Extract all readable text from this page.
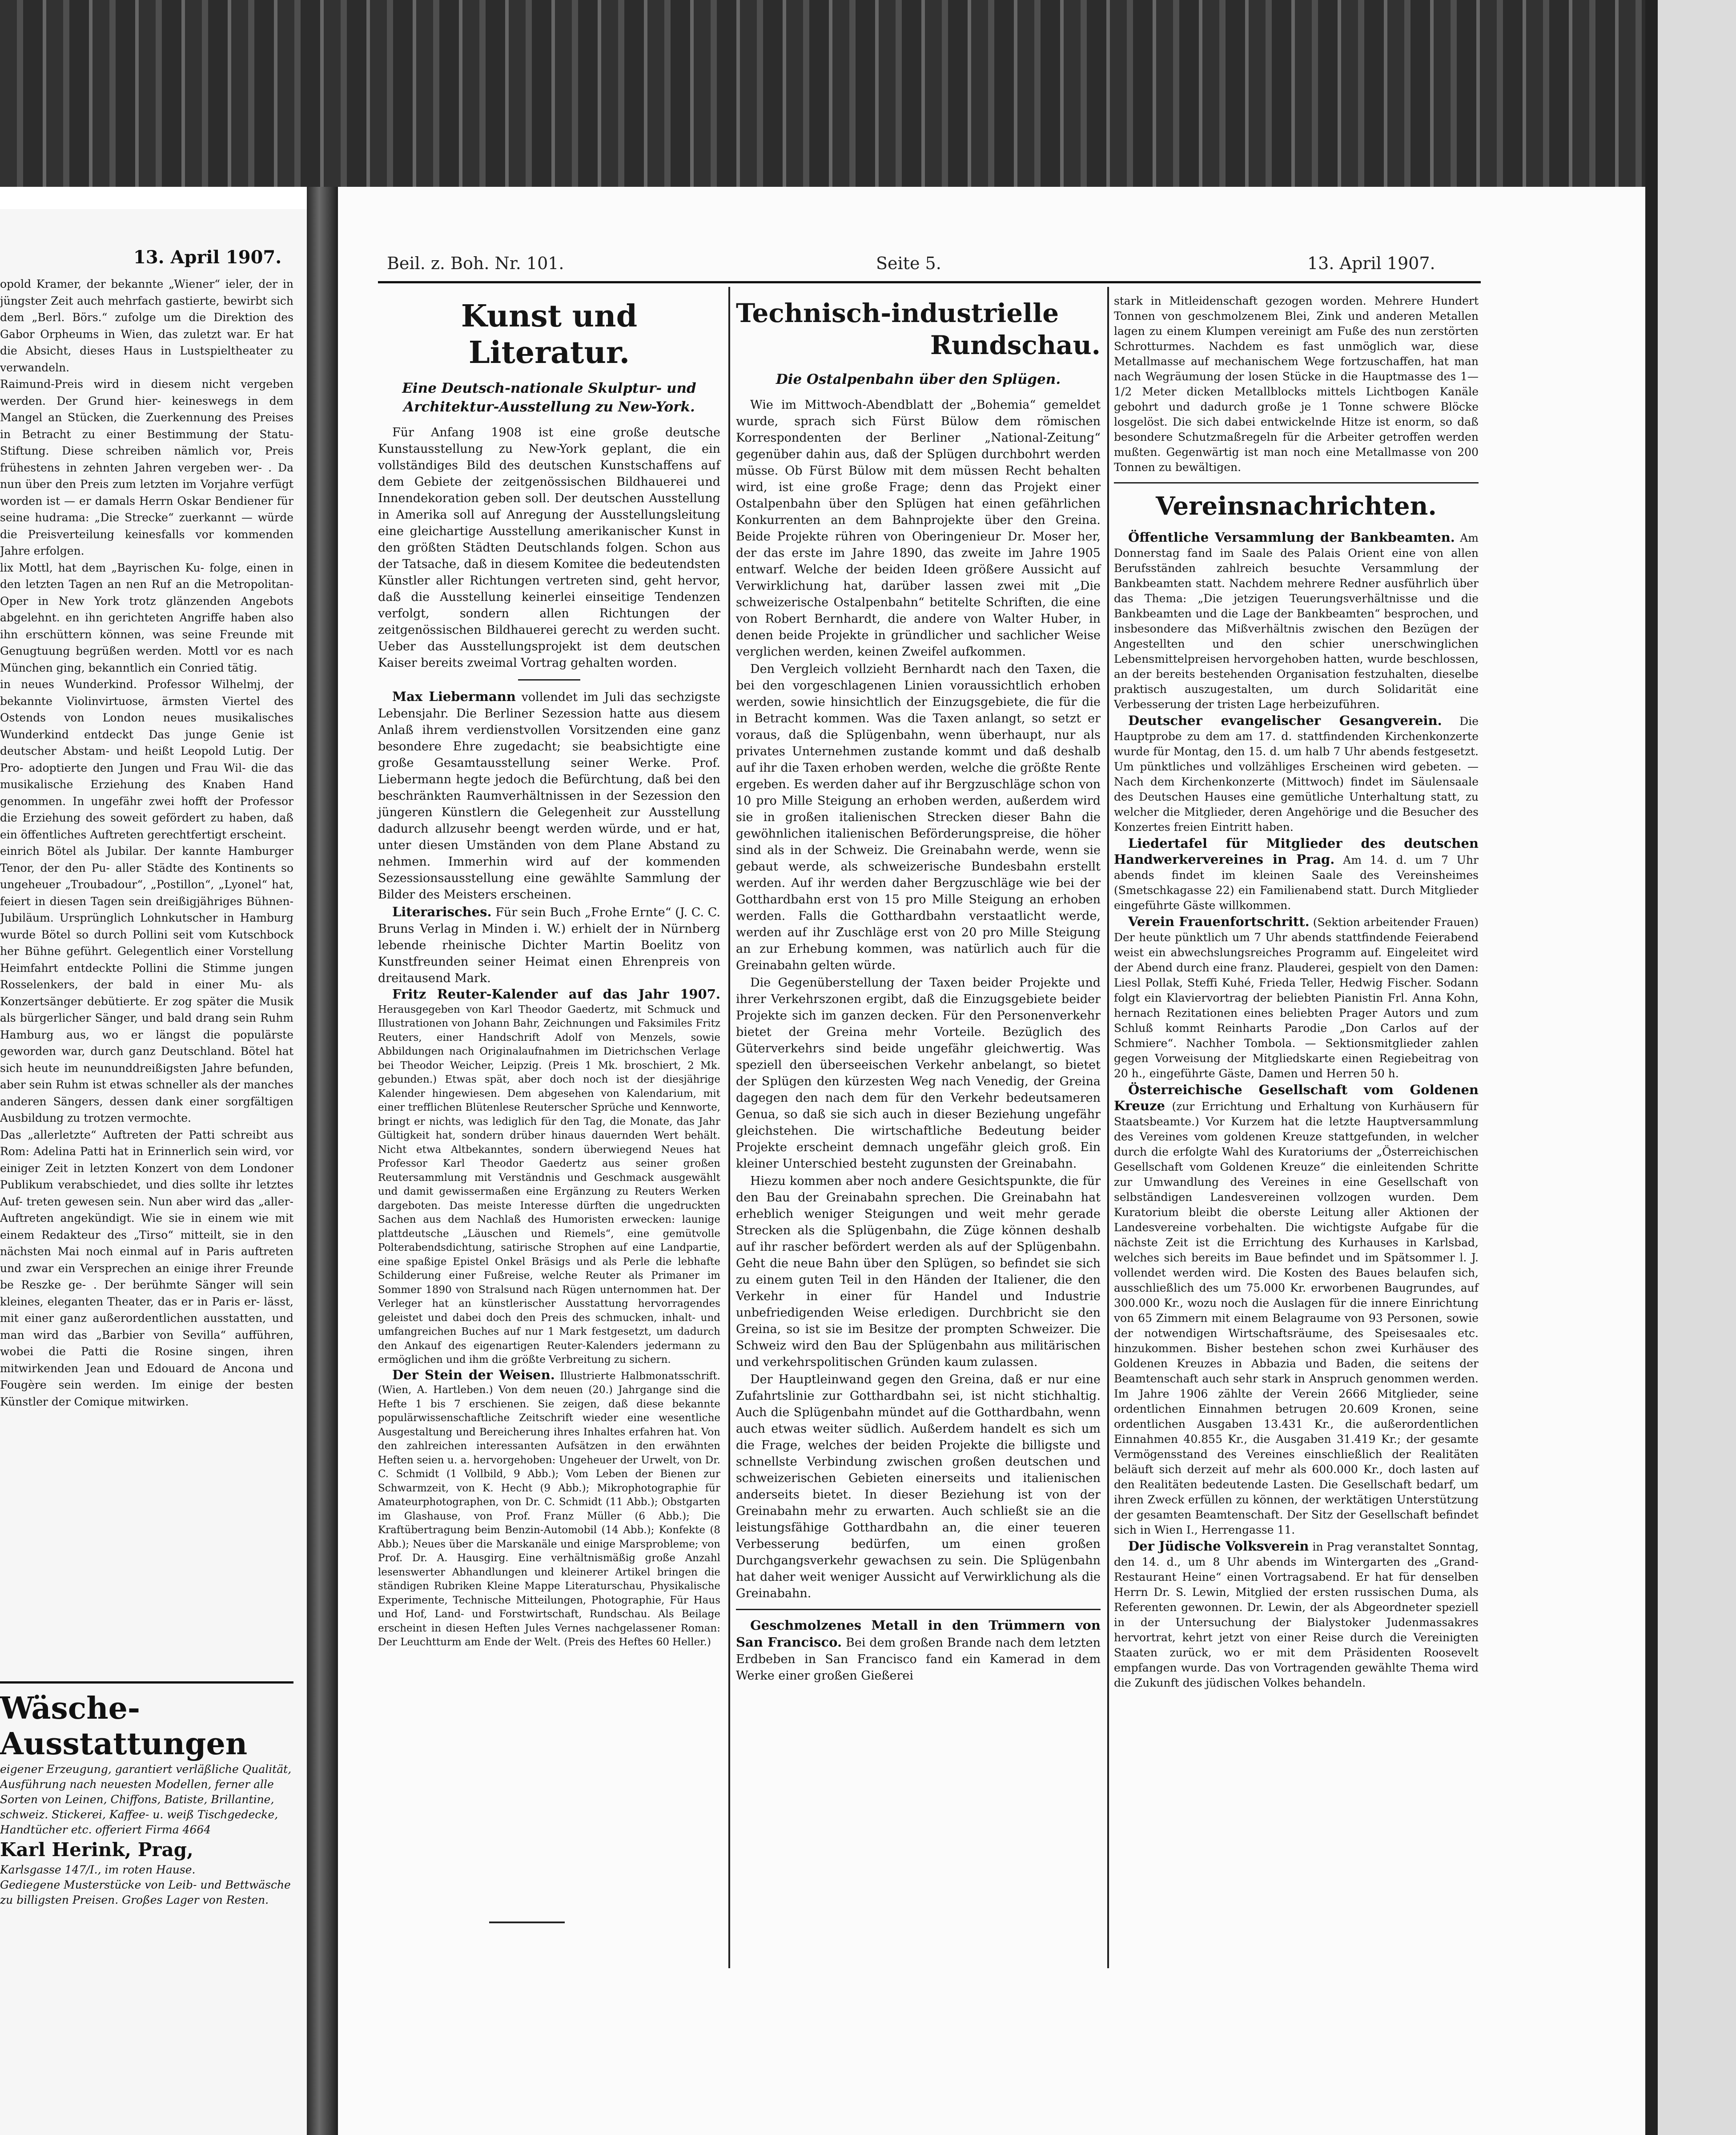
13. April 1907.

opold Kramer, der bekannte „Wiener“ ieler, der in jüngster Zeit auch mehrfach gastierte, bewirbt sich dem „Berl. Börs.“ zufolge um die Direktion des Gabor Orpheums in Wien, das zuletzt war. Er hat die Absicht, dieses Haus in Lustspieltheater zu verwandeln.

Raimund-Preis wird in diesem nicht vergeben werden. Der Grund hier- keineswegs in dem Mangel an Stücken, die Zuerkennung des Preises in Betracht zu einer Bestimmung der Statu- Stiftung. Diese schreiben nämlich vor, Preis frühestens in zehnten Jahren vergeben wer- . Da nun über den Preis zum letzten im Vorjahre verfügt worden ist — er damals Herrn Oskar Bendiener für seine hudrama: „Die Strecke“ zuerkannt — würde die Preisverteilung keinesfalls vor kommenden Jahre erfolgen.

lix Mottl, hat dem „Bayrischen Ku- folge, einen in den letzten Tagen an nen Ruf an die Metropolitan-Oper in New York trotz glänzenden Angebots abgelehnt. en ihn gerichteten Angriffe haben also ihn erschüttern können, was seine Freunde mit Genugtuung begrüßen werden. Mottl vor es nach München ging, bekanntlich ein Conried tätig.

in neues Wunderkind. Professor Wilhelmj, der bekannte Violinvirtuose, ärmsten Viertel des Ostends von London neues musikalisches Wunderkind entdeckt Das junge Genie ist deutscher Abstam- und heißt Leopold Lutig. Der Pro- adoptierte den Jungen und Frau Wil- die das musikalische Erziehung des Knaben Hand genommen. In ungefähr zwei hofft der Professor die Erziehung des soweit gefördert zu haben, daß ein öffentliches Auftreten gerechtfertigt erscheint.

einrich Bötel als Jubilar. Der kannte Hamburger Tenor, der den Pu- aller Städte des Kontinents so ungeheuer „Troubadour“, „Postillon“, „Lyonel“ hat, feiert in diesen Tagen sein dreißigjähriges Bühnen-Jubiläum. Ursprünglich Lohnkutscher in Hamburg wurde Bötel so durch Pollini seit vom Kutschbock her Bühne geführt. Gelegentlich einer Vorstellung Heimfahrt entdeckte Pollini die Stimme jungen Rosselenkers, der bald in einer Mu- als Konzertsänger debütierte. Er zog später die Musik als bürgerlicher Sänger, und bald drang sein Ruhm Hamburg aus, wo er längst die populärste geworden war, durch ganz Deutschland. Bötel hat sich heute im neununddreißigsten Jahre befunden, aber sein Ruhm ist etwas schneller als der manches anderen Sängers, dessen dank einer sorgfältigen Ausbildung zu trotzen vermochte.

Das „allerletzte“ Auftreten der Patti schreibt aus Rom: Adelina Patti hat in Erinnerlich sein wird, vor einiger Zeit in letzten Konzert von dem Londoner Publikum verabschiedet, und dies sollte ihr letztes Auf- treten gewesen sein. Nun aber wird das „aller- Auftreten angekündigt. Wie sie in einem wie mit einem Redakteur des „Tirso“ mitteilt, sie in den nächsten Mai noch einmal auf in Paris auftreten und zwar ein Versprechen an einige ihrer Freunde be Reszke ge- . Der berühmte Sänger will sein kleines, eleganten Theater, das er in Paris er- lässt, mit einer ganz außerordentlichen ausstatten, und man wird das „Barbier von Sevilla“ aufführen, wobei die Patti die Rosine singen, ihren mitwirkenden Jean und Edouard de Ancona und Fougère sein werden. Im einige der besten Künstler der Comique mitwirken.

Wäsche-Ausstattungen
eigener Erzeugung, garantiert verläßliche Qualität, Ausführung nach neuesten Modellen, ferner alle Sorten von Leinen, Chiffons, Batiste, Brillantine, schweiz. Stickerei, Kaffee- u. weiß Tischgedecke, Handtücher etc. offeriert Firma 4664
Karl Herink, Prag,
Karlsgasse 147/I., im roten Hause.
Gediegene Musterstücke von Leib- und Bettwäsche zu billigsten Preisen. Großes Lager von Resten.
Beil. z. Boh. Nr. 101.	Seite 5.	13. April 1907.
Kunst und Literatur.
Eine Deutsch-nationale Skulptur- und Architektur-Ausstellung zu New-York.

Für Anfang 1908 ist eine große deutsche Kunstausstellung zu New-York geplant, die ein vollständiges Bild des deutschen Kunstschaffens auf dem Gebiete der zeitgenössischen Bildhauerei und Innendekoration geben soll. Der deutschen Ausstellung in Amerika soll auf Anregung der Ausstellungsleitung eine gleichartige Ausstellung amerikanischer Kunst in den größten Städten Deutschlands folgen. Schon aus der Tatsache, daß in diesem Komitee die bedeutendsten Künstler aller Richtungen vertreten sind, geht hervor, daß die Ausstellung keinerlei einseitige Tendenzen verfolgt, sondern allen Richtungen der zeitgenössischen Bildhauerei gerecht zu werden sucht. Ueber das Ausstellungsprojekt ist dem deutschen Kaiser bereits zweimal Vortrag gehalten worden.

Max Liebermann vollendet im Juli das sechzigste Lebensjahr. Die Berliner Sezession hatte aus diesem Anlaß ihrem verdienstvollen Vorsitzenden eine ganz besondere Ehre zugedacht; sie beabsichtigte eine große Gesamtausstellung seiner Werke. Prof. Liebermann hegte jedoch die Befürchtung, daß bei den beschränkten Raumverhältnissen in der Sezession den jüngeren Künstlern die Gelegenheit zur Ausstellung dadurch allzusehr beengt werden würde, und er hat, unter diesen Umständen von dem Plane Abstand zu nehmen. Immerhin wird auf der kommenden Sezessionsausstellung eine gewählte Sammlung der Bilder des Meisters erscheinen.

Literarisches. Für sein Buch „Frohe Ernte“ (J. C. C. Bruns Verlag in Minden i. W.) erhielt der in Nürnberg lebende rheinische Dichter Martin Boelitz von Kunstfreunden seiner Heimat einen Ehrenpreis von dreitausend Mark.

Fritz Reuter-Kalender auf das Jahr 1907. Herausgegeben von Karl Theodor Gaedertz, mit Schmuck und Illustrationen von Johann Bahr, Zeichnungen und Faksimiles Fritz Reuters, einer Handschrift Adolf von Menzels, sowie Abbildungen nach Originalaufnahmen im Dietrichschen Verlage bei Theodor Weicher, Leipzig. (Preis 1 Mk. broschiert, 2 Mk. gebunden.) Etwas spät, aber doch noch ist der diesjährige Kalender hingewiesen. Dem abgesehen von Kalendarium, mit einer trefflichen Blütenlese Reuterscher Sprüche und Kennworte, bringt er nichts, was lediglich für den Tag, die Monate, das Jahr Gültigkeit hat, sondern drüber hinaus dauernden Wert behält. Nicht etwa Altbekanntes, sondern überwiegend Neues hat Professor Karl Theodor Gaedertz aus seiner großen Reutersammlung mit Verständnis und Geschmack ausgewählt und damit gewissermaßen eine Ergänzung zu Reuters Werken dargeboten. Das meiste Interesse dürften die ungedruckten Sachen aus dem Nachlaß des Humoristen erwecken: launige plattdeutsche „Läuschen und Riemels“, eine gemütvolle Polterabendsdichtung, satirische Strophen auf eine Landpartie, eine spaßige Epistel Onkel Bräsigs und als Perle die lebhafte Schilderung einer Fußreise, welche Reuter als Primaner im Sommer 1890 von Stralsund nach Rügen unternommen hat. Der Verleger hat an künstlerischer Ausstattung hervorragendes geleistet und dabei doch den Preis des schmucken, inhalt- und umfangreichen Buches auf nur 1 Mark festgesetzt, um dadurch den Ankauf des eigenartigen Reuter-Kalenders jedermann zu ermöglichen und ihm die größte Verbreitung zu sichern.

Der Stein der Weisen. Illustrierte Halbmonatsschrift. (Wien, A. Hartleben.) Von dem neuen (20.) Jahrgange sind die Hefte 1 bis 7 erschienen. Sie zeigen, daß diese bekannte populärwissenschaftliche Zeitschrift wieder eine wesentliche Ausgestaltung und Bereicherung ihres Inhaltes erfahren hat. Von den zahlreichen interessanten Aufsätzen in den erwähnten Heften seien u. a. hervorgehoben: Ungeheuer der Urwelt, von Dr. C. Schmidt (1 Vollbild, 9 Abb.); Vom Leben der Bienen zur Schwarmzeit, von K. Hecht (9 Abb.); Mikrophotographie für Amateurphotographen, von Dr. C. Schmidt (11 Abb.); Obstgarten im Glashause, von Prof. Franz Müller (6 Abb.); Die Kraftübertragung beim Benzin-Automobil (14 Abb.); Konfekte (8 Abb.); Neues über die Marskanäle und einige Marsprobleme; von Prof. Dr. A. Hausgirg. Eine verhältnismäßig große Anzahl lesenswerter Abhandlungen und kleinerer Artikel bringen die ständigen Rubriken Kleine Mappe Literaturschau, Physikalische Experimente, Technische Mitteilungen, Photographie, Für Haus und Hof, Land- und Forstwirtschaft, Rundschau. Als Beilage erscheint in diesen Heften Jules Vernes nachgelassener Roman: Der Leuchtturm am Ende der Welt. (Preis des Heftes 60 Heller.)

Technisch-industrielle

Rundschau.
Die Ostalpenbahn über den Splügen.

Wie im Mittwoch-Abendblatt der „Bohemia“ gemeldet wurde, sprach sich Fürst Bülow dem römischen Korrespondenten der Berliner „National-Zeitung“ gegenüber dahin aus, daß der Splügen durchbohrt werden müsse. Ob Fürst Bülow mit dem müssen Recht behalten wird, ist eine große Frage; denn das Projekt einer Ostalpenbahn über den Splügen hat einen gefährlichen Konkurrenten an dem Bahnprojekte über den Greina. Beide Projekte rühren von Oberingenieur Dr. Moser her, der das erste im Jahre 1890, das zweite im Jahre 1905 entwarf. Welche der beiden Ideen größere Aussicht auf Verwirklichung hat, darüber lassen zwei mit „Die schweizerische Ostalpenbahn“ betitelte Schriften, die eine von Robert Bernhardt, die andere von Walter Huber, in denen beide Projekte in gründlicher und sachlicher Weise verglichen werden, keinen Zweifel aufkommen.

Den Vergleich vollzieht Bernhardt nach den Taxen, die bei den vorgeschlagenen Linien voraussichtlich erhoben werden, sowie hinsichtlich der Einzugsgebiete, die für die in Betracht kommen. Was die Taxen anlangt, so setzt er voraus, daß die Splügenbahn, wenn überhaupt, nur als privates Unternehmen zustande kommt und daß deshalb auf ihr die Taxen erhoben werden, welche die größte Rente ergeben. Es werden daher auf ihr Bergzuschläge schon von 10 pro Mille Steigung an erhoben werden, außerdem wird sie in großen italienischen Strecken dieser Bahn die gewöhnlichen italienischen Beförderungspreise, die höher sind als in der Schweiz. Die Greinabahn werde, wenn sie gebaut werde, als schweizerische Bundesbahn erstellt werden. Auf ihr werden daher Bergzuschläge wie bei der Gotthardbahn erst von 15 pro Mille Steigung an erhoben werden. Falls die Gotthardbahn verstaatlicht werde, werden auf ihr Zuschläge erst von 20 pro Mille Steigung an zur Erhebung kommen, was natürlich auch für die Greinabahn gelten würde.

Die Gegenüberstellung der Taxen beider Projekte und ihrer Verkehrszonen ergibt, daß die Einzugsgebiete beider Projekte sich im ganzen decken. Für den Personenverkehr bietet der Greina mehr Vorteile. Bezüglich des Güterverkehrs sind beide ungefähr gleichwertig. Was speziell den überseeischen Verkehr anbelangt, so bietet der Splügen den kürzesten Weg nach Venedig, der Greina dagegen den nach dem für den Verkehr bedeutsameren Genua, so daß sie sich auch in dieser Beziehung ungefähr gleichstehen. Die wirtschaftliche Bedeutung beider Projekte erscheint demnach ungefähr gleich groß. Ein kleiner Unterschied besteht zugunsten der Greinabahn.

Hiezu kommen aber noch andere Gesichtspunkte, die für den Bau der Greinabahn sprechen. Die Greinabahn hat erheblich weniger Steigungen und weit mehr gerade Strecken als die Splügenbahn, die Züge können deshalb auf ihr rascher befördert werden als auf der Splügenbahn. Geht die neue Bahn über den Splügen, so befindet sie sich zu einem guten Teil in den Händen der Italiener, die den Verkehr in einer für Handel und Industrie unbefriedigenden Weise erledigen. Durchbricht sie den Greina, so ist sie im Besitze der prompten Schweizer. Die Schweiz wird den Bau der Splügenbahn aus militärischen und verkehrspolitischen Gründen kaum zulassen.

Der Hauptleinwand gegen den Greina, daß er nur eine Zufahrtslinie zur Gotthardbahn sei, ist nicht stichhaltig. Auch die Splügenbahn mündet auf die Gotthardbahn, wenn auch etwas weiter südlich. Außerdem handelt es sich um die Frage, welches der beiden Projekte die billigste und schnellste Verbindung zwischen großen deutschen und schweizerischen Gebieten einerseits und italienischen anderseits bietet. In dieser Beziehung ist von der Greinabahn mehr zu erwarten. Auch schließt sie an die leistungsfähige Gotthardbahn an, die einer teueren Verbesserung bedürfen, um einen großen Durchgangsverkehr gewachsen zu sein. Die Splügenbahn hat daher weit weniger Aussicht auf Verwirklichung als die Greinabahn.

Geschmolzenes Metall in den Trümmern von San Francisco. Bei dem großen Brande nach dem letzten Erdbeben in San Francisco fand ein Kamerad in dem Werke einer großen Gießerei

stark in Mitleidenschaft gezogen worden. Mehrere Hundert Tonnen von geschmolzenem Blei, Zink und anderen Metallen lagen zu einem Klumpen vereinigt am Fuße des nun zerstörten Schrotturmes. Nachdem es fast unmöglich war, diese Metallmasse auf mechanischem Wege fortzuschaffen, hat man nach Wegräumung der losen Stücke in die Hauptmasse des 1—1/2 Meter dicken Metallblocks mittels Lichtbogen Kanäle gebohrt und dadurch große je 1 Tonne schwere Blöcke losgelöst. Die sich dabei entwickelnde Hitze ist enorm, so daß besondere Schutzmaßregeln für die Arbeiter getroffen werden mußten. Gegenwärtig ist man noch eine Metallmasse von 200 Tonnen zu bewältigen.

Vereinsnachrichten.

Öffentliche Versammlung der Bankbeamten. Am Donnerstag fand im Saale des Palais Orient eine von allen Berufsständen zahlreich besuchte Versammlung der Bankbeamten statt. Nachdem mehrere Redner ausführlich über das Thema: „Die jetzigen Teuerungsverhältnisse und die Bankbeamten und die Lage der Bankbeamten“ besprochen, und insbesondere das Mißverhältnis zwischen den Bezügen der Angestellten und den schier unerschwinglichen Lebensmittelpreisen hervorgehoben hatten, wurde beschlossen, an der bereits bestehenden Organisation festzuhalten, dieselbe praktisch auszugestalten, um durch Solidarität eine Verbesserung der tristen Lage herbeizuführen.

Deutscher evangelischer Gesangverein. Die Hauptprobe zu dem am 17. d. stattfindenden Kirchenkonzerte wurde für Montag, den 15. d. um halb 7 Uhr abends festgesetzt. Um pünktliches und vollzähliges Erscheinen wird gebeten. — Nach dem Kirchenkonzerte (Mittwoch) findet im Säulensaale des Deutschen Hauses eine gemütliche Unterhaltung statt, zu welcher die Mitglieder, deren Angehörige und die Besucher des Konzertes freien Eintritt haben.

Liedertafel für Mitglieder des deutschen Handwerkervereines in Prag. Am 14. d. um 7 Uhr abends findet im kleinen Saale des Vereinsheimes (Smetschkagasse 22) ein Familienabend statt. Durch Mitglieder eingeführte Gäste willkommen.

Verein Frauenfortschritt. (Sektion arbeitender Frauen) Der heute pünktlich um 7 Uhr abends stattfindende Feierabend weist ein abwechslungsreiches Programm auf. Eingeleitet wird der Abend durch eine franz. Plauderei, gespielt von den Damen: Liesl Pollak, Steffi Kuhé, Frieda Teller, Hedwig Fischer. Sodann folgt ein Klaviervortrag der beliebten Pianistin Frl. Anna Kohn, hernach Rezitationen eines beliebten Prager Autors und zum Schluß kommt Reinharts Parodie „Don Carlos auf der Schmiere“. Nachher Tombola. — Sektionsmitglieder zahlen gegen Vorweisung der Mitgliedskarte einen Regiebeitrag von 20 h., eingeführte Gäste, Damen und Herren 50 h.

Österreichische Gesellschaft vom Goldenen Kreuze (zur Errichtung und Erhaltung von Kurhäusern für Staatsbeamte.) Vor Kurzem hat die letzte Hauptversammlung des Vereines vom goldenen Kreuze stattgefunden, in welcher durch die erfolgte Wahl des Kuratoriums der „Österreichischen Gesellschaft vom Goldenen Kreuze“ die einleitenden Schritte zur Umwandlung des Vereines in eine Gesellschaft von selbständigen Landesvereinen vollzogen wurden. Dem Kuratorium bleibt die oberste Leitung aller Aktionen der Landesvereine vorbehalten. Die wichtigste Aufgabe für die nächste Zeit ist die Errichtung des Kurhauses in Karlsbad, welches sich bereits im Baue befindet und im Spätsommer l. J. vollendet werden wird. Die Kosten des Baues belaufen sich, ausschließlich des um 75.000 Kr. erworbenen Baugrundes, auf 300.000 Kr., wozu noch die Auslagen für die innere Einrichtung von 65 Zimmern mit einem Belagraume von 93 Personen, sowie der notwendigen Wirtschaftsräume, des Speisesaales etc. hinzukommen. Bisher bestehen schon zwei Kurhäuser des Goldenen Kreuzes in Abbazia und Baden, die seitens der Beamtenschaft auch sehr stark in Anspruch genommen werden. Im Jahre 1906 zählte der Verein 2666 Mitglieder, seine ordentlichen Einnahmen betrugen 20.609 Kronen, seine ordentlichen Ausgaben 13.431 Kr., die außerordentlichen Einnahmen 40.855 Kr., die Ausgaben 31.419 Kr.; der gesamte Vermögensstand des Vereines einschließlich der Realitäten beläuft sich derzeit auf mehr als 600.000 Kr., doch lasten auf den Realitäten bedeutende Lasten. Die Gesellschaft bedarf, um ihren Zweck erfüllen zu können, der werktätigen Unterstützung der gesamten Beamtenschaft. Der Sitz der Gesellschaft befindet sich in Wien I., Herrengasse 11.

Der Jüdische Volksverein in Prag veranstaltet Sonntag, den 14. d., um 8 Uhr abends im Wintergarten des „Grand-Restaurant Heine“ einen Vortragsabend. Er hat für denselben Herrn Dr. S. Lewin, Mitglied der ersten russischen Duma, als Referenten gewonnen. Dr. Lewin, der als Abgeordneter speziell in der Untersuchung der Bialystoker Judenmassakres hervortrat, kehrt jetzt von einer Reise durch die Vereinigten Staaten zurück, wo er mit dem Präsidenten Roosevelt empfangen wurde. Das von Vortragenden gewählte Thema wird die Zukunft des jüdischen Volkes behandeln.
